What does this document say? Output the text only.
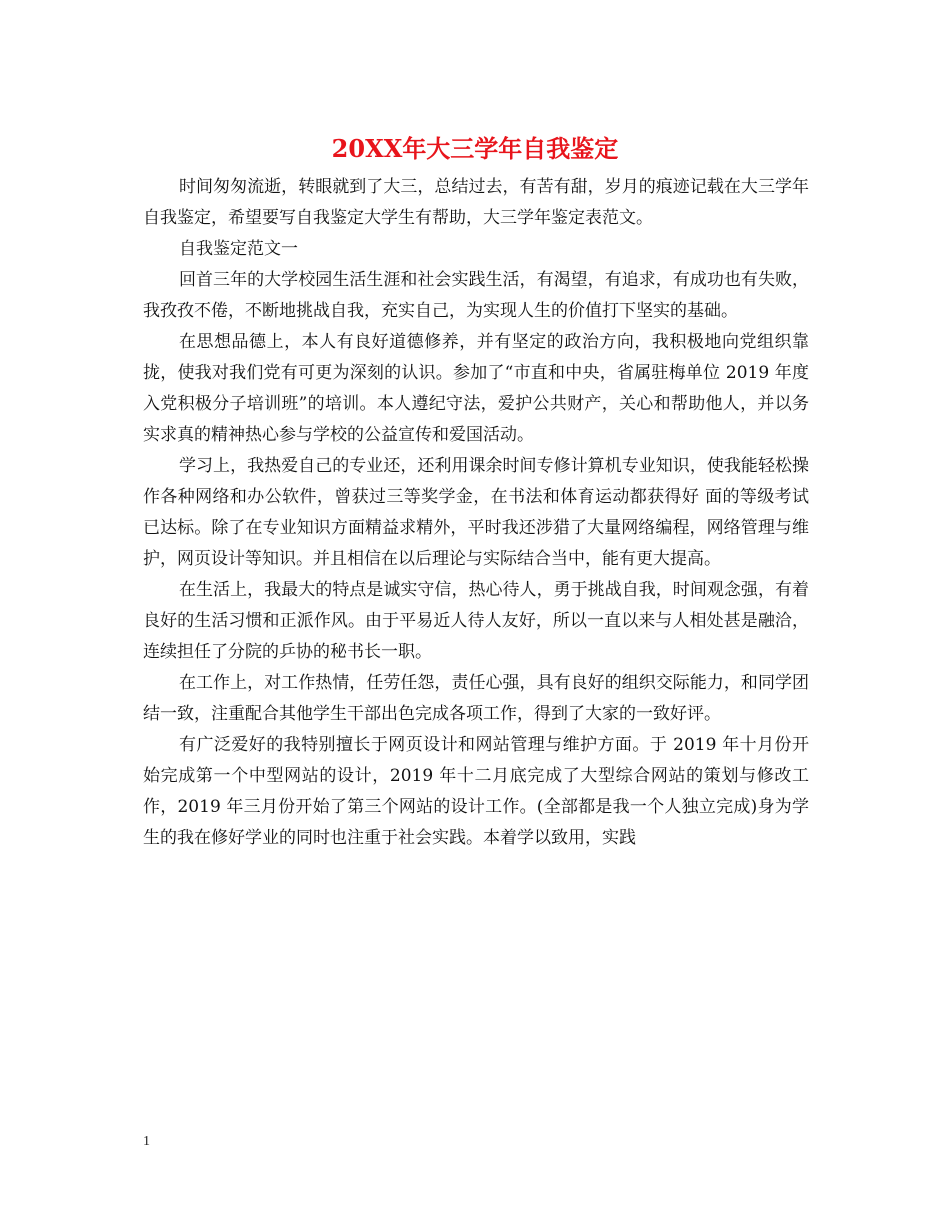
20XX年大三学年自我鉴定

时间匆匆流逝，转眼就到了大三，总结过去，有苦有甜，岁月的痕迹记载在大三学年自我鉴定，希望要写自我鉴定大学生有帮助，大三学年鉴定表范文。

自我鉴定范文一

回首三年的大学校园生活生涯和社会实践生活，有渴望，有追求，有成功也有失败，我孜孜不倦，不断地挑战自我，充实自己，为实现人生的价值打下坚实的基础。

在思想品德上，本人有良好道德修养，并有坚定的政治方向，我积极地向党组织靠拢，使我对我们党有可更为深刻的认识。参加了“市直和中央，省属驻梅单位 2019 年度入党积极分子培训班”的培训。本人遵纪守法，爱护公共财产，关心和帮助他人，并以务实求真的精神热心参与学校的公益宣传和爱国活动。

学习上，我热爱自己的专业还，还利用课余时间专修计算机专业知识，使我能轻松操作各种网络和办公软件，曾获过三等奖学金，在书法和体育运动都获得好 面的等级考试已达标。除了在专业知识方面精益求精外，平时我还涉猎了大量网络编程，网络管理与维护，网页设计等知识。并且相信在以后理论与实际结合当中，能有更大提高。

在生活上，我最大的特点是诚实守信，热心待人，勇于挑战自我，时间观念强，有着良好的生活习惯和正派作风。由于平易近人待人友好，所以一直以来与人相处甚是融洽，连续担任了分院的乒协的秘书长一职。

在工作上，对工作热情，任劳任怨，责任心强，具有良好的组织交际能力，和同学团结一致，注重配合其他学生干部出色完成各项工作，得到了大家的一致好评。

有广泛爱好的我特别擅长于网页设计和网站管理与维护方面。于 2019 年十月份开始完成第一个中型网站的设计，2019 年十二月底完成了大型综合网站的策划与修改工作，2019 年三月份开始了第三个网站的设计工作。(全部都是我一个人独立完成)身为学生的我在修好学业的同时也注重于社会实践。本着学以致用，实践

1
